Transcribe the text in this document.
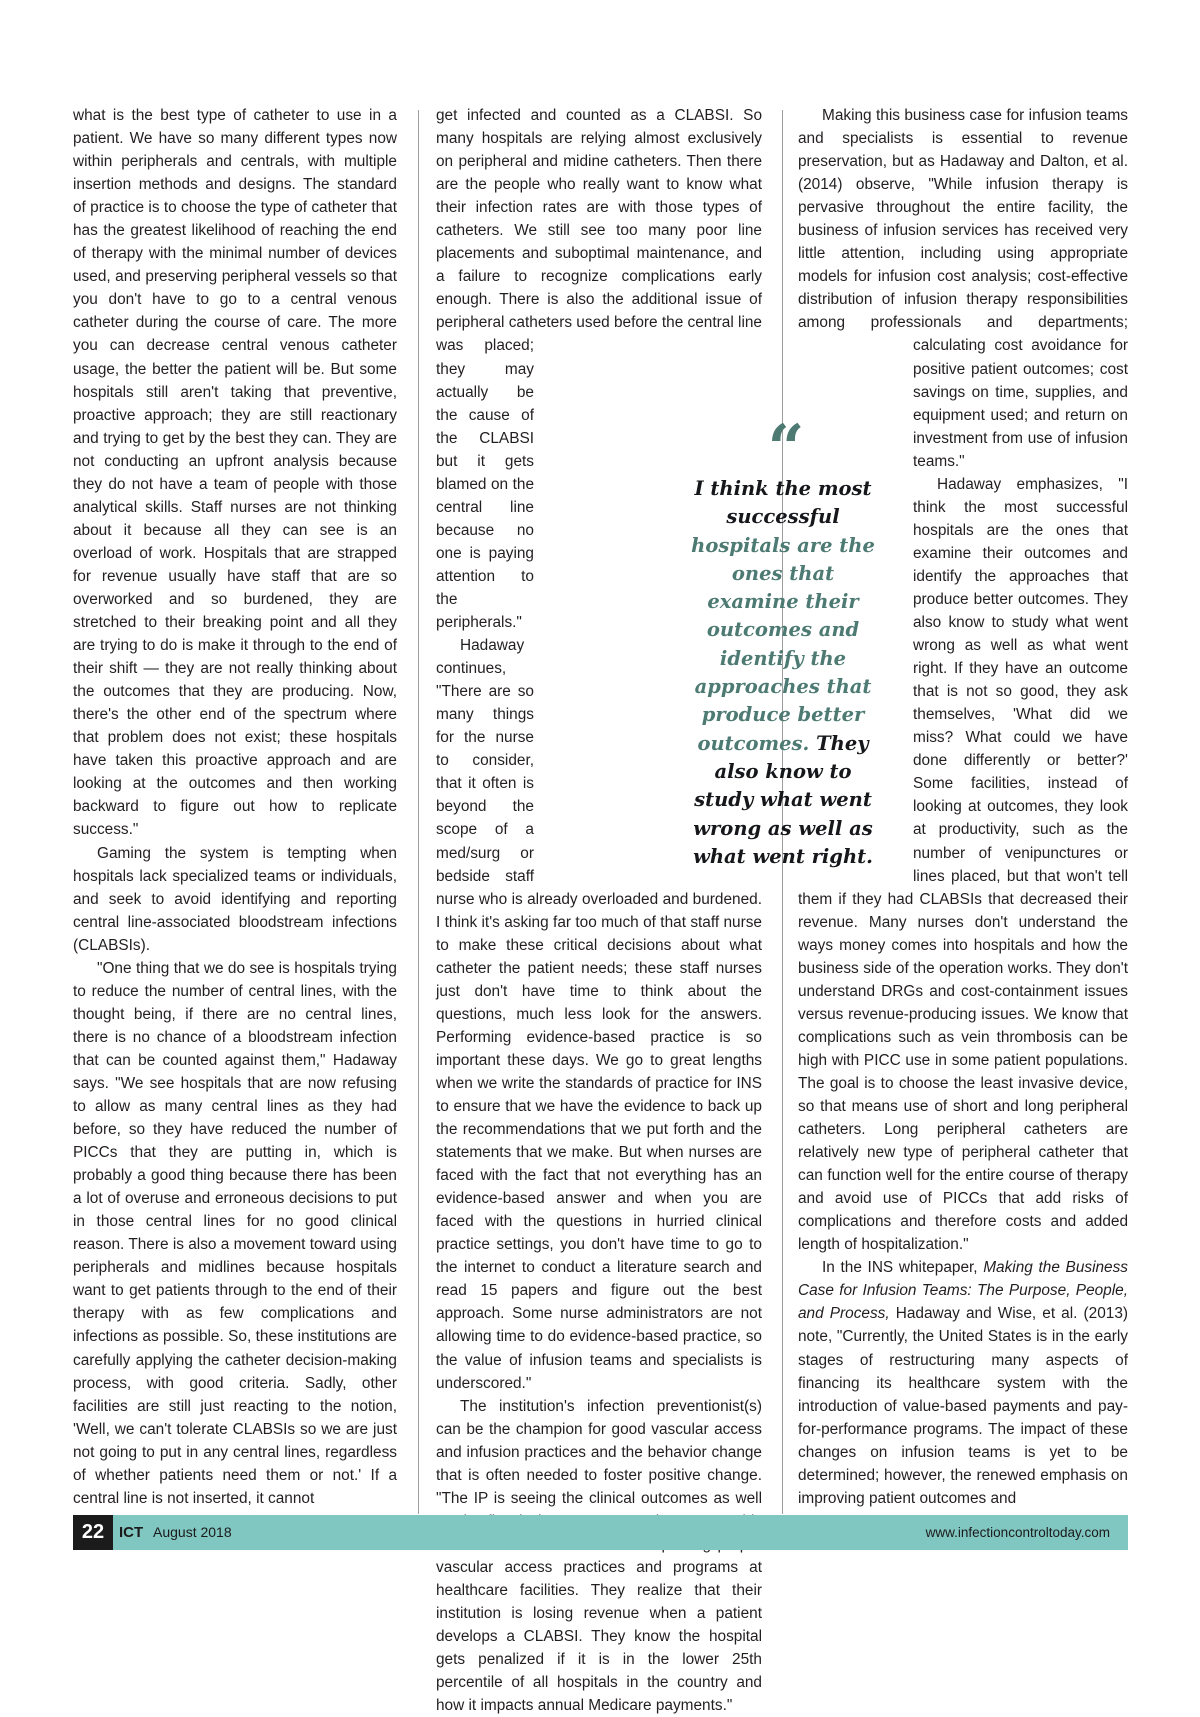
what is the best type of catheter to use in a patient. We have so many different types now within peripherals and centrals, with multiple insertion methods and designs. The standard of practice is to choose the type of catheter that has the greatest likelihood of reaching the end of therapy with the minimal number of devices used, and preserving peripheral vessels so that you don't have to go to a central venous catheter during the course of care. The more you can decrease central venous catheter usage, the better the patient will be. But some hospitals still aren't taking that preventive, proactive approach; they are still reactionary and trying to get by the best they can. They are not conducting an upfront analysis because they do not have a team of people with those analytical skills. Staff nurses are not thinking about it because all they can see is an overload of work. Hospitals that are strapped for revenue usually have staff that are so overworked and so burdened, they are stretched to their breaking point and all they are trying to do is make it through to the end of their shift — they are not really thinking about the outcomes that they are producing. Now, there's the other end of the spectrum where that problem does not exist; these hospitals have taken this proactive approach and are looking at the outcomes and then working backward to figure out how to replicate success."

Gaming the system is tempting when hospitals lack specialized teams or individuals, and seek to avoid identifying and reporting central line-associated bloodstream infections (CLABSIs).

"One thing that we do see is hospitals trying to reduce the number of central lines, with the thought being, if there are no central lines, there is no chance of a bloodstream infection that can be counted against them," Hadaway says. "We see hospitals that are now refusing to allow as many central lines as they had before, so they have reduced the number of PICCs that they are putting in, which is probably a good thing because there has been a lot of overuse and erroneous decisions to put in those central lines for no good clinical reason. There is also a movement toward using peripherals and midlines because hospitals want to get patients through to the end of their therapy with as few complications and infections as possible. So, these institutions are carefully applying the catheter decision-making process, with good criteria. Sadly, other facilities are still just reacting to the notion, 'Well, we can't tolerate CLABSIs so we are just not going to put in any central lines, regardless of whether patients need them or not.' If a central line is not inserted, it cannot

get infected and counted as a CLABSI. So many hospitals are relying almost exclusively on peripheral and midine catheters. Then there are the people who really want to know what their infection rates are with those types of catheters. We still see too many poor line placements and suboptimal maintenance, and a failure to recognize complications early enough. There is also the additional issue of peripheral catheters used before the central line was placed; they may actually be the cause of the CLABSI but it gets blamed on the central line because no one is paying attention to the peripherals."

Hadaway continues, "There are so many things for the nurse to consider, that it often is beyond the scope of a med/surg or bedside staff nurse who is already overloaded and burdened. I think it's asking far too much of that staff nurse to make these critical decisions about what catheter the patient needs; these staff nurses just don't have time to think about the questions, much less look for the answers. Performing evidence-based practice is so important these days. We go to great lengths when we write the standards of practice for INS to ensure that we have the evidence to back up the recommendations that we put forth and the statements that we make. But when nurses are faced with the fact that not everything has an evidence-based answer and when you are faced with the questions in hurried clinical practice settings, you don't have time to go to the internet to conduct a literature search and read 15 papers and figure out the best approach. Some nurse administrators are not allowing time to do evidence-based practice, so the value of infusion teams and specialists is underscored."

The institution's infection preventionist(s) can be the champion for good vascular access and infusion practices and the behavior change that is often needed to foster positive change. "The IP is seeing the clinical outcomes as well vascular access practices and programs at healthcare facilities. They realize that their institution is losing revenue when a patient develops a CLABSI. They know the hospital gets penalized if it is in the lower 25th percentile of all hospitals in the country and how it impacts annual Medicare payments."

Making this business case for infusion teams and specialists is essential to revenue preservation, but as Hadaway and Dalton, et al. (2014) observe, "While infusion therapy is pervasive throughout the entire facility, the business of infusion services has received very little attention, including using appropriate models for infusion cost analysis; cost-effective distribution of infusion therapy responsibilities among professionals and departments; calculating cost avoidance for positive patient outcomes; cost savings on time, supplies, and equipment used; and return on investment from use of infusion teams."

Hadaway emphasizes, "I think the most successful hospitals are the ones that examine their outcomes and identify the approaches that produce better outcomes. They also know to study what went wrong as well as what went right. If they have an outcome that is not so good, they ask themselves, 'What did we miss? What could we have done differently or better?' Some facilities, instead of looking at outcomes, they look at productivity, such as the number of venipunctures or lines placed, but that won't tell them if they had CLABSIs that decreased their revenue. Many nurses don't understand the ways money comes into hospitals and how the business side of the operation works. They don't understand DRGs and cost-containment issues versus revenue-producing issues. We know that complications such as vein thrombosis can be high with PICC use in some patient populations. The goal is to choose the least invasive device, so that means use of short and long peripheral catheters. Long peripheral catheters are relatively new type of peripheral catheter that can function well for the entire course of therapy and avoid use of PICCs that add risks of complications and therefore costs and added length of hospitalization."

In the INS whitepaper, Making the Business Case for Infusion Teams: The Purpose, People, and Process, Hadaway and Wise, et al. (2013) note, "Currently, the United States is in the early stages of restructuring many aspects of financing its healthcare system with the introduction of value-based payments and pay-for-performance programs. The impact of these changes on infusion teams is yet to be determined; however, the renewed emphasis on improving patient outcomes and

“
I think the most successful hospitals are the ones that examine their outcomes and identify the approaches that produce better outcomes. They also know to study what went wrong as well as what went right.
22 ICT August 2018	www.infectioncontroltoday.com
